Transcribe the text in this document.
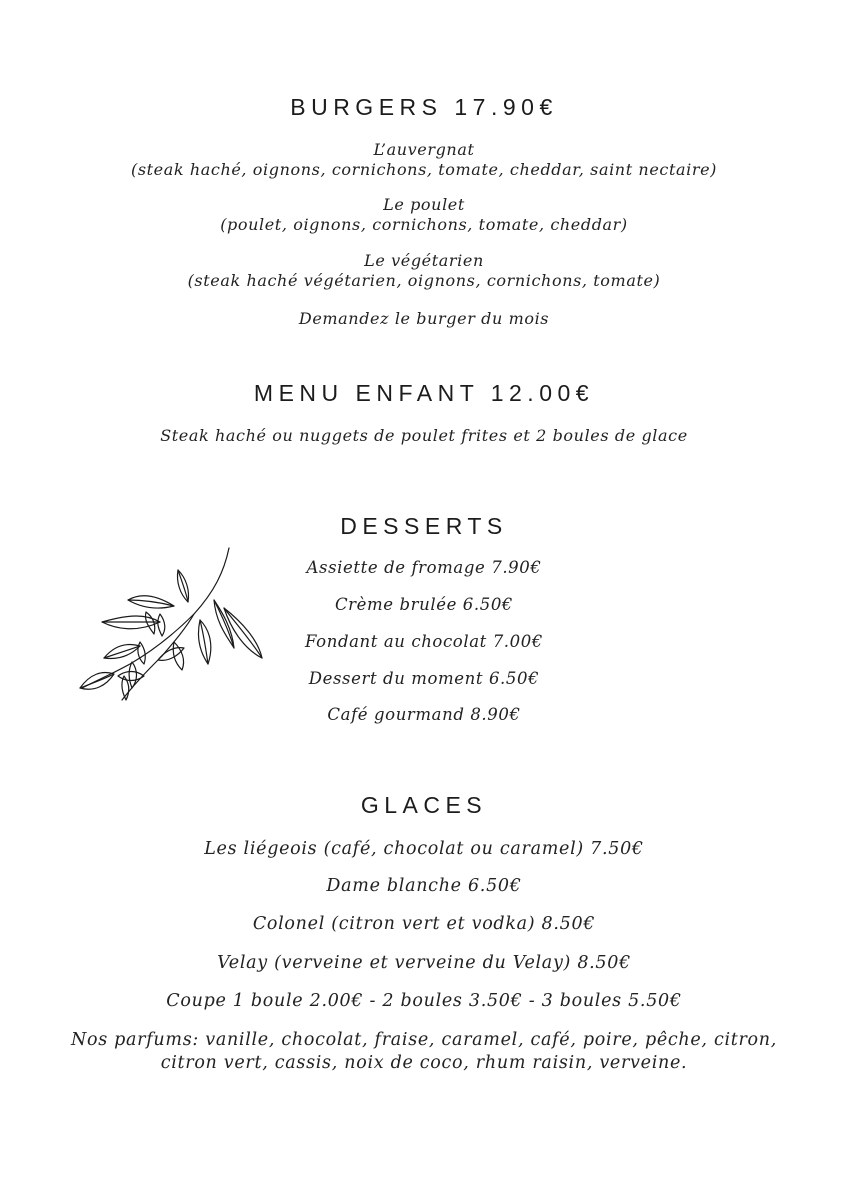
BURGERS 17.90€
L’auvergnat
(steak haché, oignons, cornichons, tomate, cheddar, saint nectaire)
Le poulet
(poulet, oignons, cornichons, tomate, cheddar)
Le végétarien
(steak haché végétarien, oignons, cornichons, tomate)
Demandez le burger du mois
MENU ENFANT 12.00€
Steak haché ou nuggets de poulet frites et 2 boules de glace
DESSERTS
Assiette de fromage 7.90€
Crème brulée 6.50€
Fondant au chocolat 7.00€
Dessert du moment 6.50€
Café gourmand 8.90€
GLACES
Les liégeois (café, chocolat ou caramel) 7.50€
Dame blanche 6.50€
Colonel (citron vert et vodka) 8.50€
Velay (verveine et verveine du Velay) 8.50€
Coupe 1 boule 2.00€ - 2 boules 3.50€ - 3 boules 5.50€
Nos parfums: vanille, chocolat, fraise, caramel, café, poire, pêche, citron,
citron vert, cassis, noix de coco, rhum raisin, verveine.
